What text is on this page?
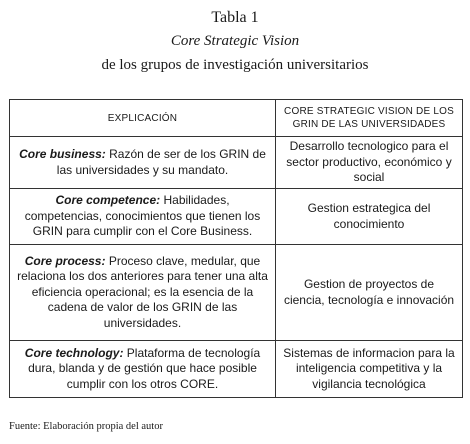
Tabla 1
Core Strategic Vision
de los grupos de investigación universitarios
EXPLICACIÓN	CORE STRATEGIC VISION DE LOS GRIN DE LAS UNIVERSIDADES
Core business: Razón de ser de los GRIN de las universidades y su mandato.	Desarrollo tecnologico para el sector productivo, económico y social
Core competence: Habilidades, competencias, conocimientos que tienen los GRIN para cumplir con el Core Business.	Gestion estrategica del conocimiento
Core process: Proceso clave, medular, que relaciona los dos anteriores para tener una alta eficiencia operacional; es la esencia de la cadena de valor de los GRIN de las universidades.	Gestion de proyectos de ciencia, tecnología e innovación
Core technology: Plataforma de tecnología dura, blanda y de gestión que hace posible cumplir con los otros CORE.	Sistemas de informacion para la inteligencia competitiva y la vigilancia tecnológica
Fuente: Elaboración propia del autor
